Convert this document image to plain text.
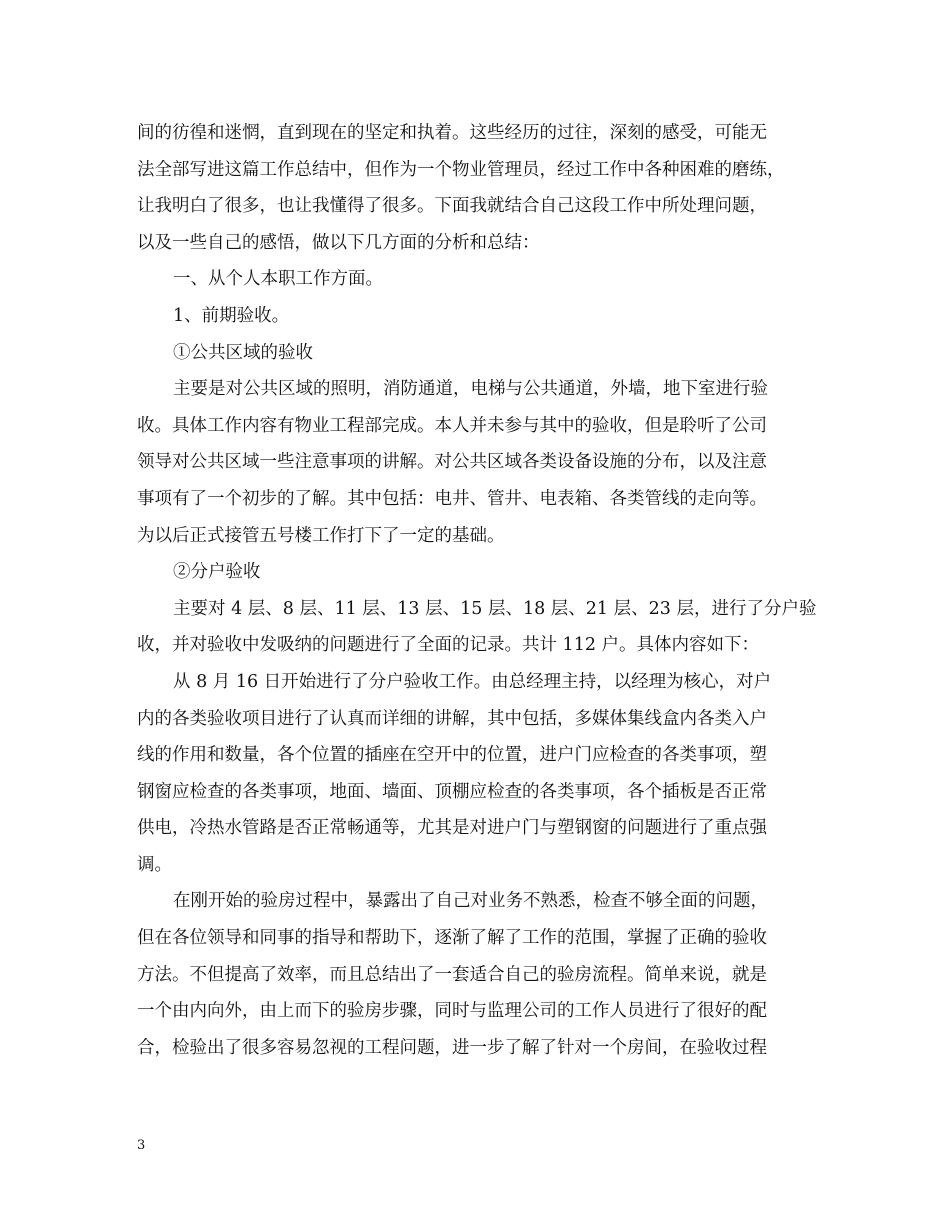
间的彷徨和迷惘，直到现在的坚定和执着。这些经历的过往，深刻的感受，可能无
法全部写进这篇工作总结中，但作为一个物业管理员，经过工作中各种困难的磨练，
让我明白了很多，也让我懂得了很多。下面我就结合自己这段工作中所处理问题，
以及一些自己的感悟，做以下几方面的分析和总结：
一、从个人本职工作方面。
1、前期验收。
①公共区域的验收
主要是对公共区域的照明，消防通道，电梯与公共通道，外墙，地下室进行验
收。具体工作内容有物业工程部完成。本人并未参与其中的验收，但是聆听了公司
领导对公共区域一些注意事项的讲解。对公共区域各类设备设施的分布，以及注意
事项有了一个初步的了解。其中包括：电井、管井、电表箱、各类管线的走向等。
为以后正式接管五号楼工作打下了一定的基础。
②分户验收
主要对 4 层、8 层、11 层、13 层、15 层、18 层、21 层、23 层，进行了分户验
收，并对验收中发吸纳的问题进行了全面的记录。共计 112 户。具体内容如下：
从 8 月 16 日开始进行了分户验收工作。由总经理主持，以经理为核心，对户
内的各类验收项目进行了认真而详细的讲解，其中包括，多媒体集线盒内各类入户
线的作用和数量，各个位置的插座在空开中的位置，进户门应检查的各类事项，塑
钢窗应检查的各类事项，地面、墙面、顶棚应检查的各类事项，各个插板是否正常
供电，冷热水管路是否正常畅通等，尤其是对进户门与塑钢窗的问题进行了重点强
调。
在刚开始的验房过程中，暴露出了自己对业务不熟悉，检查不够全面的问题，
但在各位领导和同事的指导和帮助下，逐渐了解了工作的范围，掌握了正确的验收
方法。不但提高了效率，而且总结出了一套适合自己的验房流程。简单来说，就是
一个由内向外，由上而下的验房步骤，同时与监理公司的工作人员进行了很好的配
合，检验出了很多容易忽视的工程问题，进一步了解了针对一个房间，在验收过程
3
